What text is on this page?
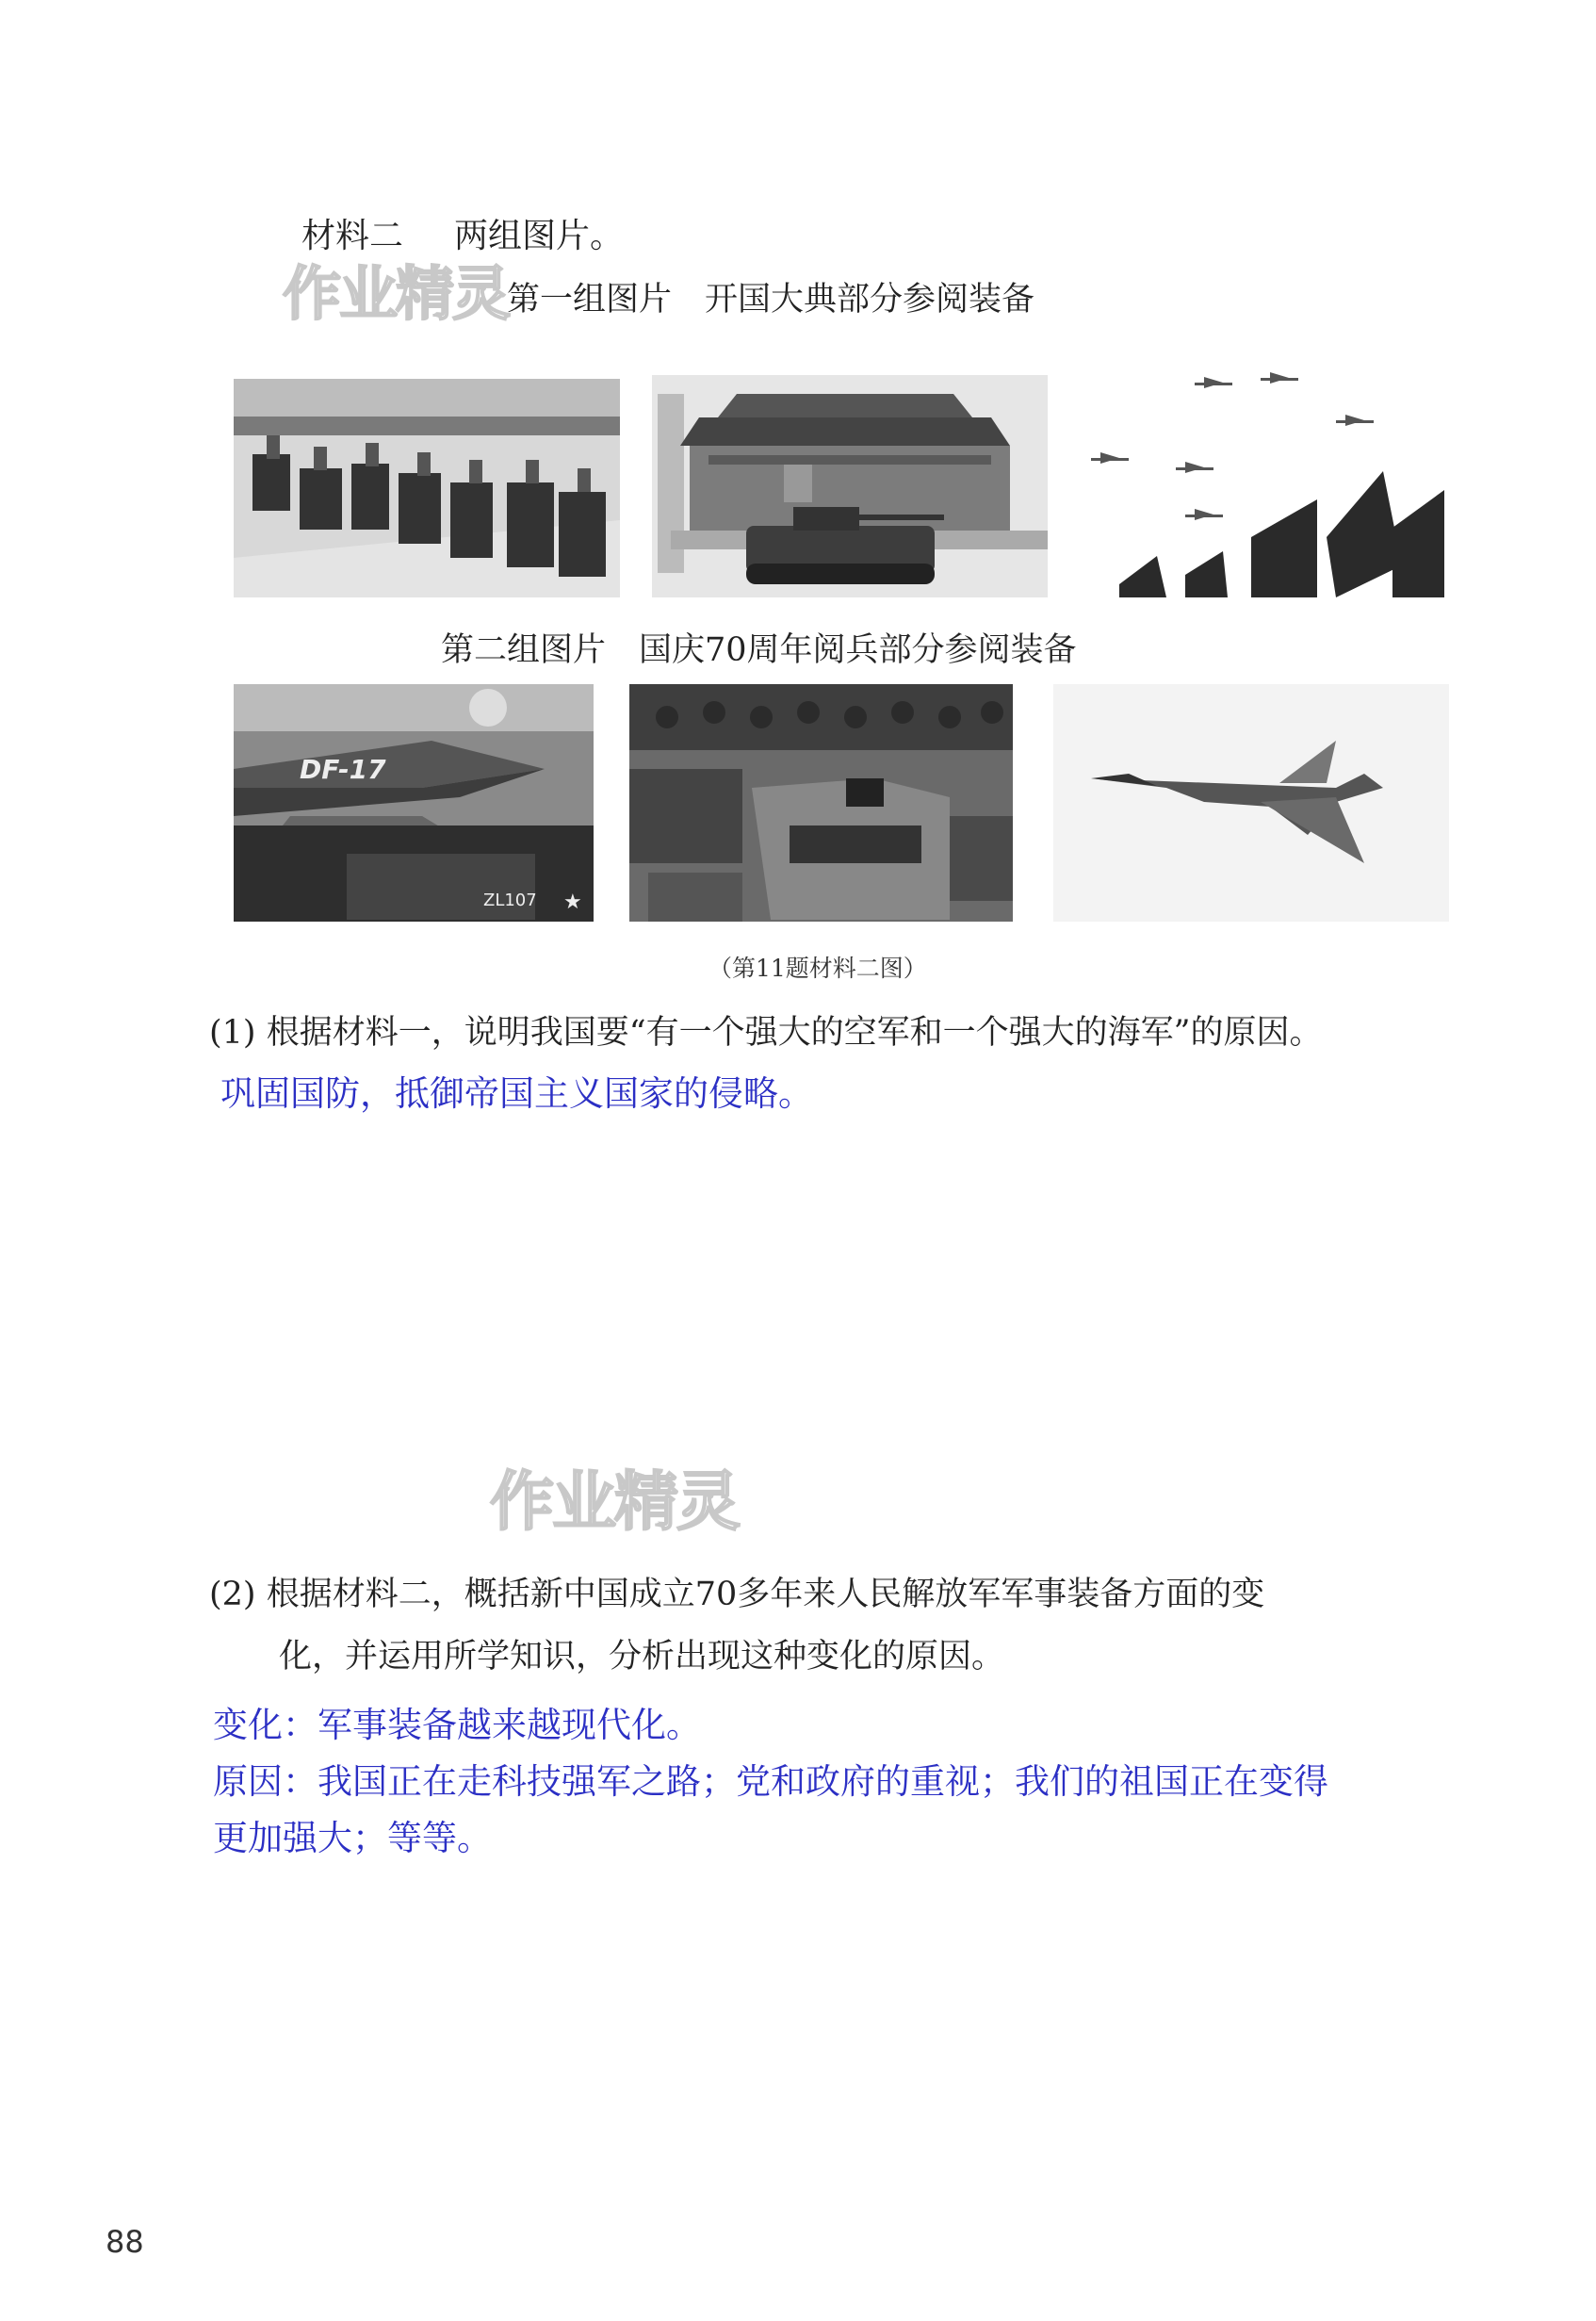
作业精灵
作业精灵
材料二 两组图片。
第一组图片　开国大典部分参阅装备
第二组图片　国庆70周年阅兵部分参阅装备
DF-17
ZL107 ★
（第11题材料二图）
(1) 根据材料一，说明我国要“有一个强大的空军和一个强大的海军”的原因。
巩固国防，抵御帝国主义国家的侵略。
(2) 根据材料二，概括新中国成立70多年来人民解放军军事装备方面的变
化，并运用所学知识，分析出现这种变化的原因。
变化：军事装备越来越现代化。
原因：我国正在走科技强军之路；党和政府的重视；我们的祖国正在变得
更加强大；等等。
88
